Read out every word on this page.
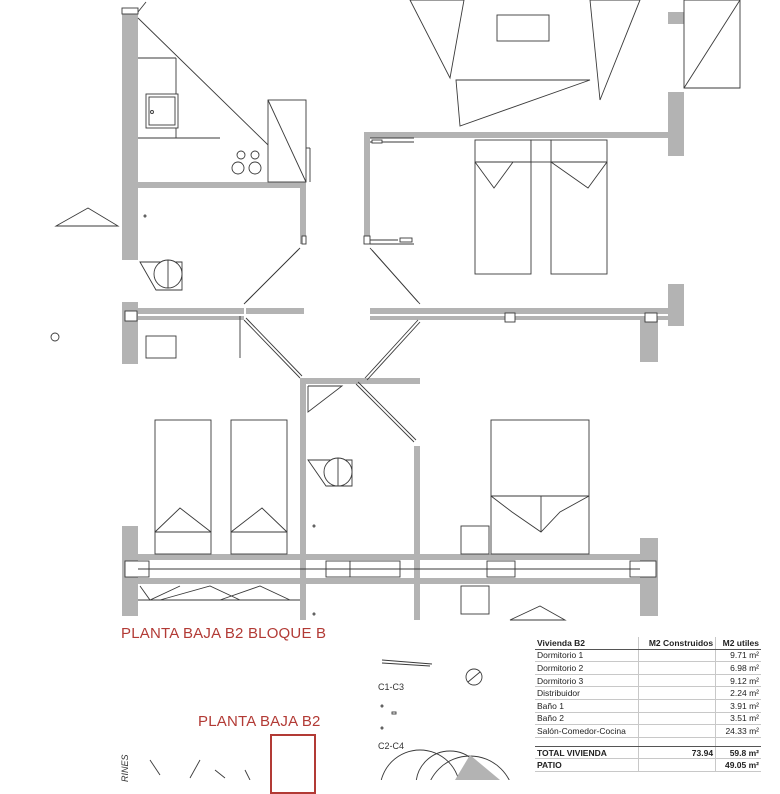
PLANTA BAJA B2 BLOQUE B
PLANTA BAJA B2
C1-C3
C2-C4
RINES
Vivienda B2	M2 Construidos	M2 utiles
Dormitorio 1		9.71 m²
Dormitorio 2		6.98 m²
Dormitorio 3		9.12 m²
Distribuidor		2.24 m²
Baño 1		3.91 m²
Baño 2		3.51 m²
Salón-Comedor-Cocina		24.33 m²

TOTAL VIVIENDA	73.94	59.8 m²
PATIO		49.05 m²
